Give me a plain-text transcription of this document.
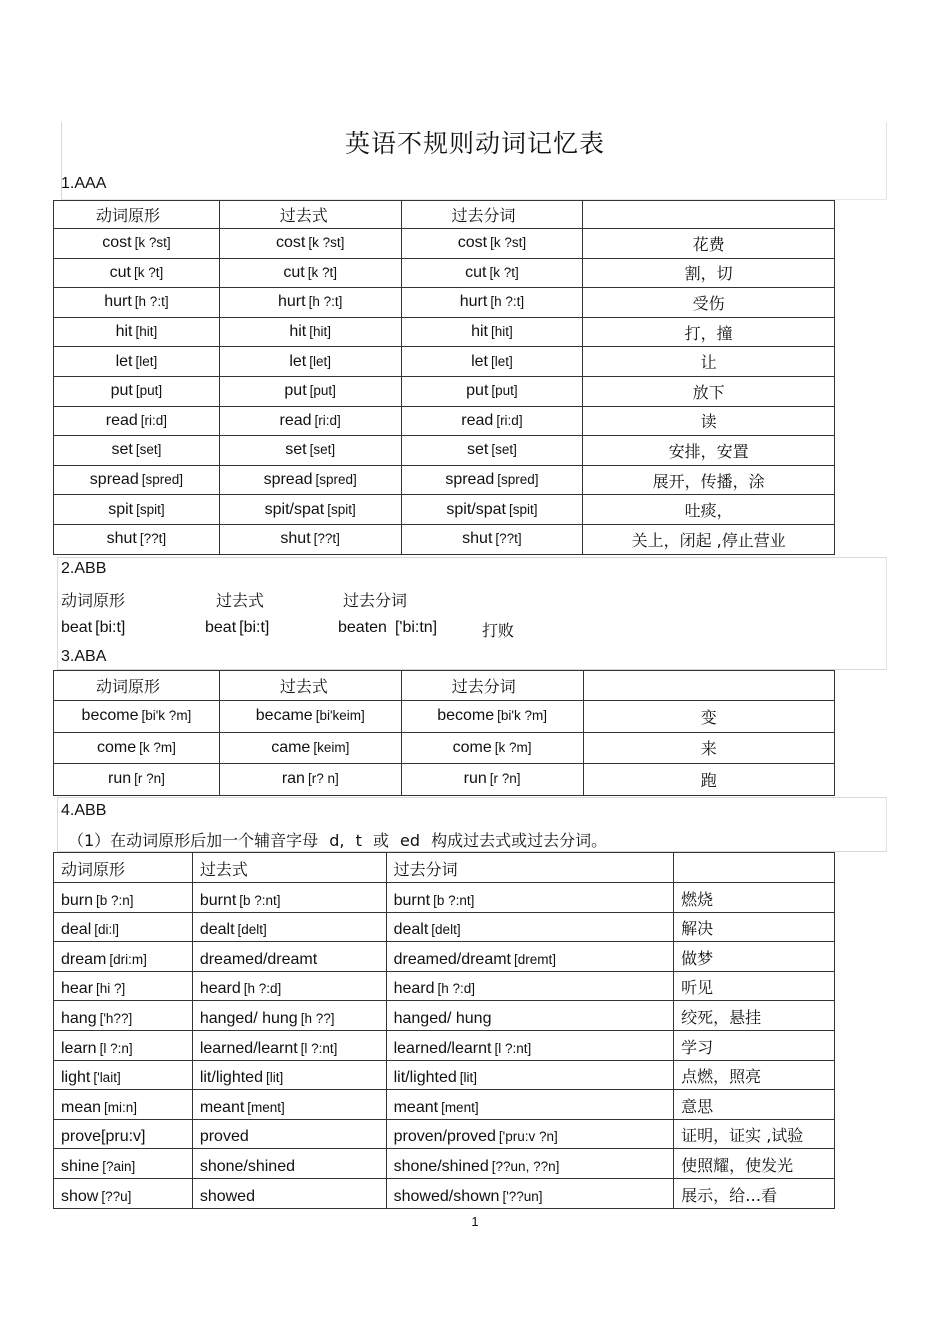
英语不规则动词记忆表
1.AAA
动词原形	过去式	过去分词	
cost [k ?st]	cost [k ?st]	cost [k ?st]	花费
cut [k ?t]	cut [k ?t]	cut [k ?t]	割，切
hurt [h ?:t]	hurt [h ?:t]	hurt [h ?:t]	受伤
hit [hit]	hit [hit]	hit [hit]	打，撞
let [let]	let [let]	let [let]	让
put [put]	put [put]	put [put]	放下
read [ri:d]	read [ri:d]	read [ri:d]	读
set [set]	set [set]	set [set]	安排，安置
spread [spred]	spread [spred]	spread [spred]	展开，传播，涂
spit [spit]	spit/spat [spit]	spit/spat [spit]	吐痰，
shut [??t]	shut [??t]	shut [??t]	关上，闭起 ,停止营业
2.ABB
动词原形	过去式	过去分词
beat [bi:t]	beat [bi:t]	beaten ['bi:tn]	打败
3.ABA
动词原形	过去式	过去分词	
become [bi'k ?m]	became [bi'keim]	become [bi'k ?m]	变
come [k ?m]	came [keim]	come [k ?m]	来
run [r ?n]	ran [r? n]	run [r ?n]	跑
4.ABB
（1）在动词原形后加一个辅音字母 d, t 或 ed 构成过去式或过去分词。
动词原形	过去式	过去分词	
burn [b ?:n]	burnt [b ?:nt]	burnt [b ?:nt]	燃烧
deal [di:l]	dealt [delt]	dealt [delt]	解决
dream [dri:m]	dreamed/dreamt	dreamed/dreamt [dremt]	做梦
hear [hi ?]	heard [h ?:d]	heard [h ?:d]	听见
hang ['h??]	hanged/ hung [h ??]	hanged/ hung	绞死，悬挂
learn [l ?:n]	learned/learnt [l ?:nt]	learned/learnt [l ?:nt]	学习
light ['lait]	lit/lighted [lit]	lit/lighted [lit]	点燃，照亮
mean [mi:n]	meant [ment]	meant [ment]	意思
prove[pru:v]	proved	proven/proved ['pru:v ?n]	证明，证实 ,试验
shine [?ain]	shone/shined	shone/shined [??un, ??n]	使照耀，使发光
show [??u]	showed	showed/shown ['??un]	展示，给…看
1
